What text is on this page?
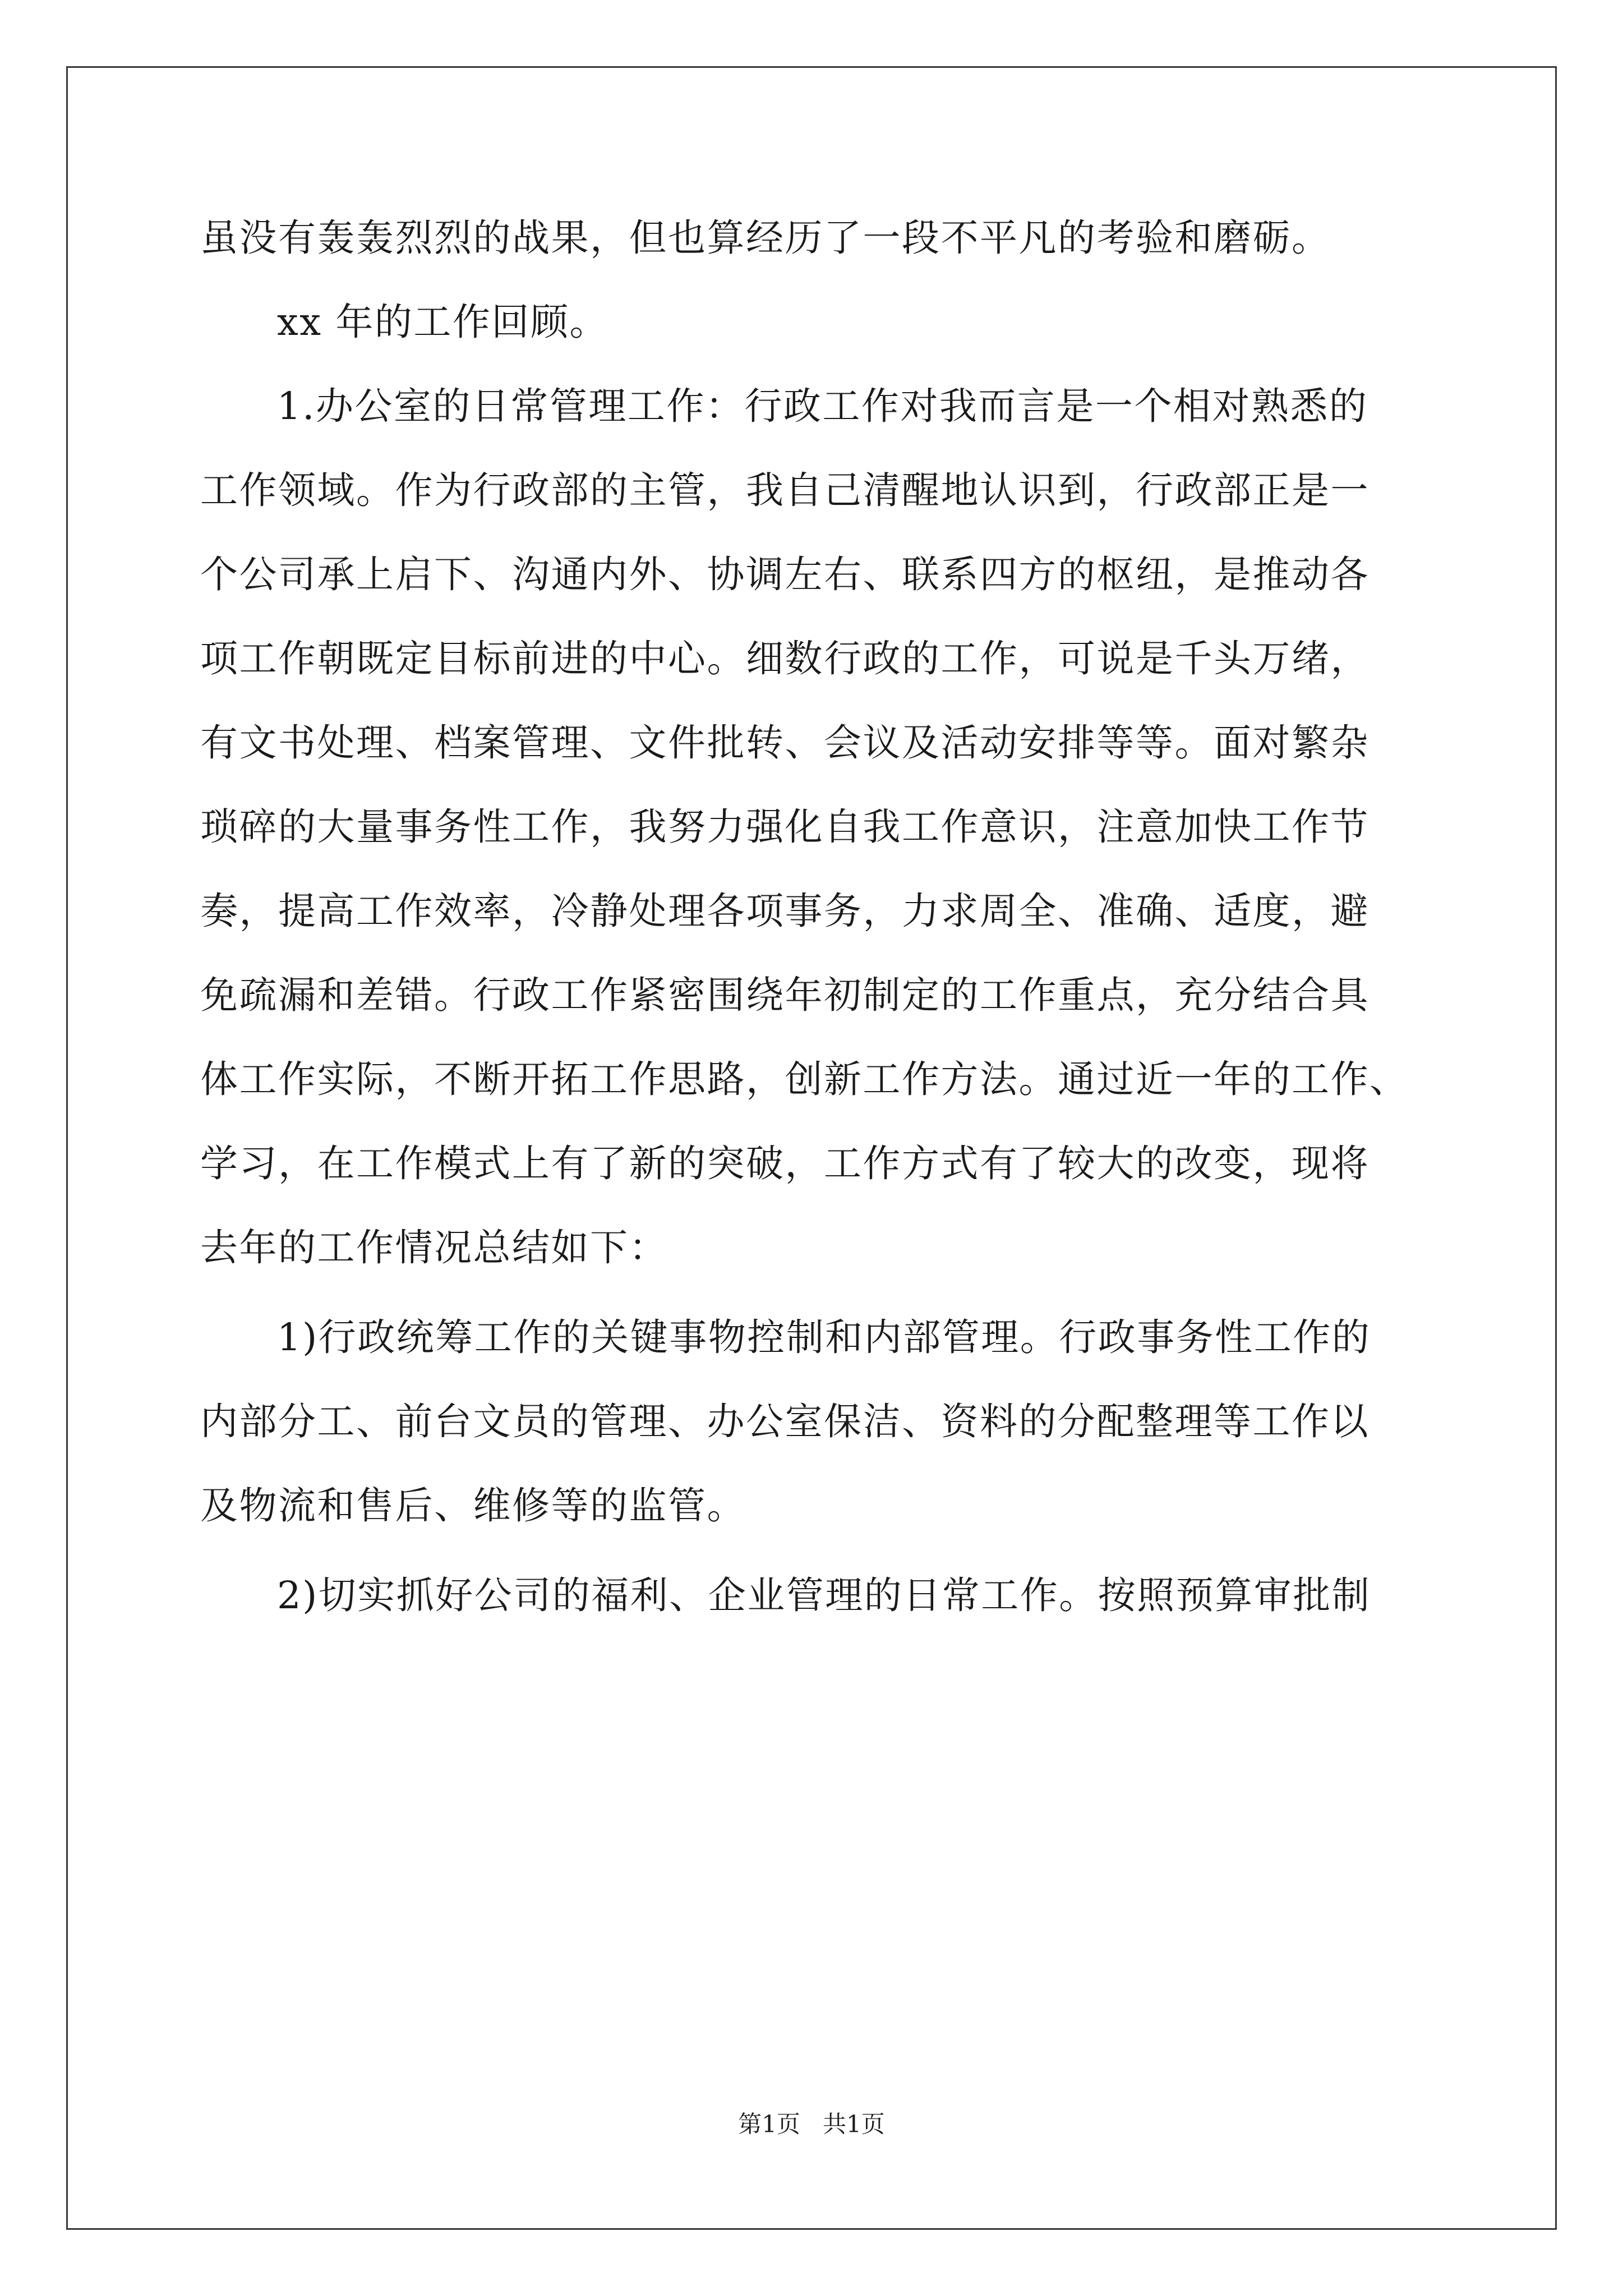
虽没有轰轰烈烈的战果，但也算经历了一段不平凡的考验和磨砺。
xx 年的工作回顾。
1.办公室的日常管理工作：行政工作对我而言是一个相对熟悉的
工作领域。作为行政部的主管，我自己清醒地认识到，行政部正是一
个公司承上启下、沟通内外、协调左右、联系四方的枢纽，是推动各
项工作朝既定目标前进的中心。细数行政的工作，可说是千头万绪，
有文书处理、档案管理、文件批转、会议及活动安排等等。面对繁杂
琐碎的大量事务性工作，我努力强化自我工作意识，注意加快工作节
奏，提高工作效率，冷静处理各项事务，力求周全、准确、适度，避
免疏漏和差错。行政工作紧密围绕年初制定的工作重点，充分结合具
体工作实际，不断开拓工作思路，创新工作方法。通过近一年的工作、
学习，在工作模式上有了新的突破，工作方式有了较大的改变，现将
去年的工作情况总结如下：
1)行政统筹工作的关键事物控制和内部管理。行政事务性工作的
内部分工、前台文员的管理、办公室保洁、资料的分配整理等工作以
及物流和售后、维修等的监管。
2)切实抓好公司的福利、企业管理的日常工作。按照预算审批制
第1页   共1页
